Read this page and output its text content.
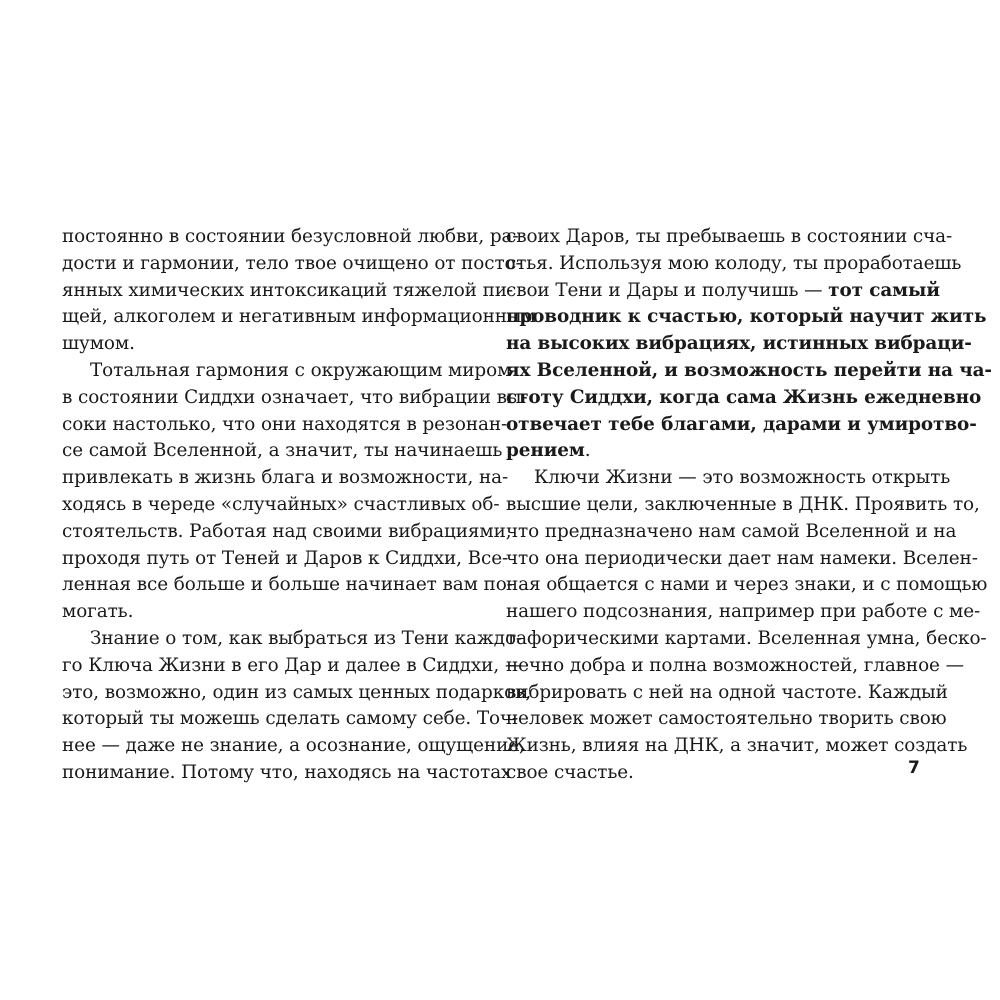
постоянно в состоянии безусловной любви, ра-
дости и гармонии, тело твое очищено от посто-
янных химических интоксикаций тяжелой пи-
щей, алкоголем и негативным информационным
шумом.
Тотальная гармония с окружающим миром
в состоянии Сиддхи означает, что вибрации вы-
соки настолько, что они находятся в резонан-
се самой Вселенной, а значит, ты начинаешь
привлекать в жизнь блага и возможности, на-
ходясь в череде «случайных» счастливых об-
стоятельств. Работая над своими вибрациями,
проходя путь от Теней и Даров к Сиддхи, Все-
ленная все больше и больше начинает вам по-
могать.
Знание о том, как выбраться из Тени каждо-
го Ключа Жизни в его Дар и далее в Сиддхи, —
это, возможно, один из самых ценных подарков,
который ты можешь сделать самому себе. Точ-
нее — даже не знание, а осознание, ощущение,
понимание. Потому что, находясь на частотах
своих Даров, ты пребываешь в состоянии сча-
стья. Используя мою колоду, ты проработаешь
свои Тени и Дары и получишь — тот самый
проводник к счастью, который научит жить
на высоких вибрациях, истинных вибраци-
ях Вселенной, и возможность перейти на ча-
стоту Сиддхи, когда сама Жизнь ежедневно
отвечает тебе благами, дарами и умиротво-
рением.
Ключи Жизни — это возможность открыть
высшие цели, заключенные в ДНК. Проявить то,
что предназначено нам самой Вселенной и на
что она периодически дает нам намеки. Вселен-
ная общается с нами и через знаки, и с помощью
нашего подсознания, например при работе с ме-
тафорическими картами. Вселенная умна, беско-
нечно добра и полна возможностей, главное —
вибрировать с ней на одной частоте. Каждый
человек может самостоятельно творить свою
Жизнь, влияя на ДНК, а значит, может создать
свое счастье.	7
